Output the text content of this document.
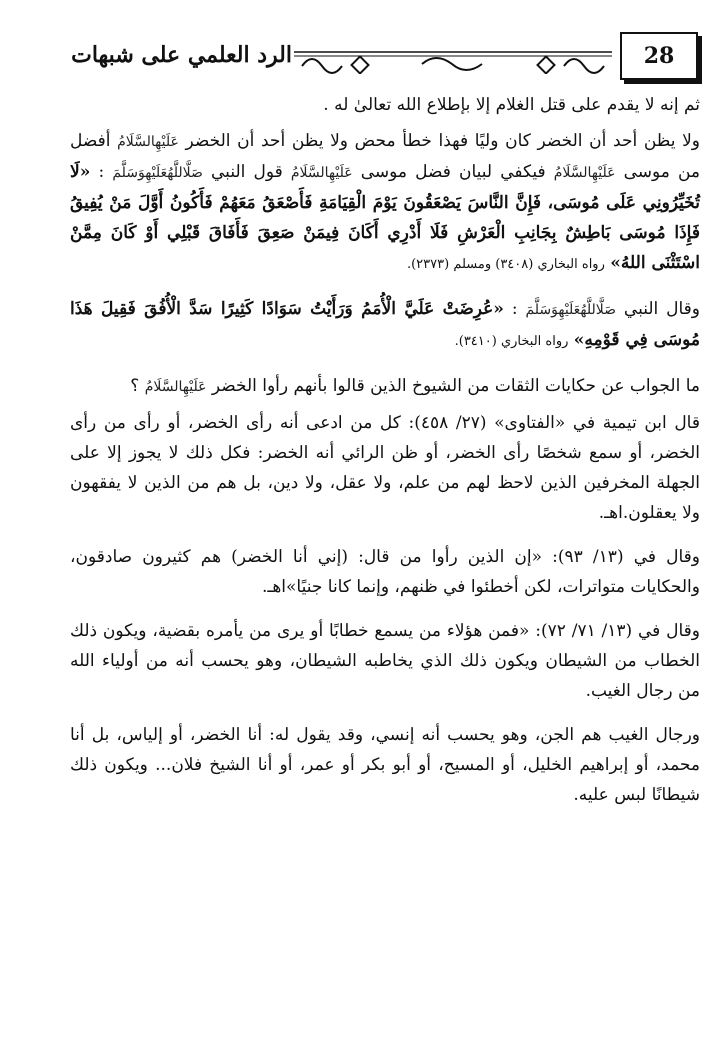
الرد العلمي على شبهات	28

ثم إنه لا يقدم على قتل الغلام إلا بإطلاع الله تعالىٰ له .

ولا يظن أحد أن الخضر كان وليًا فهذا خطأ محض ولا يظن أحد أن الخضر عَلَيْهِالسَّلَامُ أفضل من موسى عَلَيْهِالسَّلَامُ فيكفي لبيان فضل موسى عَلَيْهِالسَّلَامُ قول النبي صَلَّاللَّهُعَلَيْهِوَسَلَّمَ : «لَا تُخَيِّرُونِي عَلَى مُوسَى، فَإِنَّ النَّاسَ يَصْعَقُونَ يَوْمَ الْقِيَامَةِ فَأَصْعَقُ مَعَهُمْ فَأَكُونُ أَوَّلَ مَنْ يُفِيقُ فَإِذَا مُوسَى بَاطِشٌ بِجَانِبِ الْعَرْشِ فَلَا أَدْرِي أَكَانَ فِيمَنْ صَعِقَ فَأَفَاقَ قَبْلِي أَوْ كَانَ مِمَّنْ اسْتَثْنَى اللهُ» رواه البخاري (٣٤٠٨) ومسلم (٢٣٧٣).

وقال النبي صَلَّاللَّهُعَلَيْهِوَسَلَّمَ : «عُرِضَتْ عَلَيَّ الْأُمَمُ وَرَأَيْتُ سَوَادًا كَثِيرًا سَدَّ الْأُفُقَ فَقِيلَ هَذَا مُوسَى فِي قَوْمِهِ» رواه البخاري (٣٤١٠).

ما الجواب عن حكايات الثقات من الشيوخ الذين قالوا بأنهم رأوا الخضر عَلَيْهِالسَّلَامُ ؟

قال ابن تيمية في «الفتاوى» (٢٧/ ٤٥٨): كل من ادعى أنه رأى الخضر، أو رأى من رأى الخضر، أو سمع شخصًا رأى الخضر، أو ظن الرائي أنه الخضر: فكل ذلك لا يجوز إلا على الجهلة المخرفين الذين لاحظ لهم من علم، ولا عقل، ولا دين، بل هم من الذين لا يفقهون ولا يعقلون.اهـ.

وقال في (١٣/ ٩٣): «إن الذين رأوا من قال: (إني أنا الخضر) هم كثيرون صادقون، والحكايات متواترات، لكن أخطئوا في ظنهم، وإنما كانا جنيًا»اهـ.

وقال في (١٣/ ٧١/ ٧٢): «فمن هؤلاء من يسمع خطابًا أو يرى من يأمره بقضية، ويكون ذلك الخطاب من الشيطان ويكون ذلك الذي يخاطبه الشيطان، وهو يحسب أنه من أولياء الله من رجال الغيب.

ورجال الغيب هم الجن، وهو يحسب أنه إنسي، وقد يقول له: أنا الخضر، أو إلياس، بل أنا محمد، أو إبراهيم الخليل، أو المسيح، أو أبو بكر أو عمر، أو أنا الشيخ فلان... ويكون ذلك شيطانًا لبس عليه.
